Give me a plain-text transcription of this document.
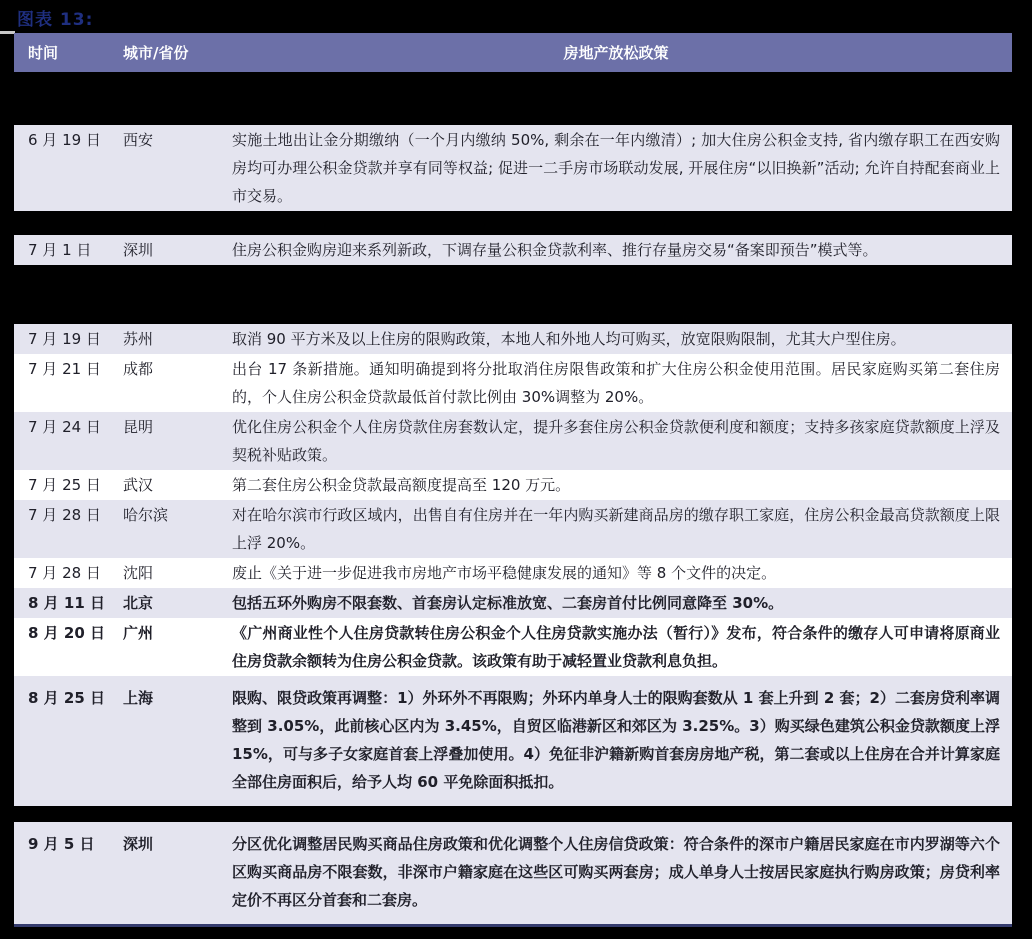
图表 13:
时间	城市/省份	房地产放松政策
6 月 19 日	西安	实施土地出让金分期缴纳（一个月内缴纳 50%, 剩余在一年内缴清）; 加大住房公积金支持, 省内缴存职工在西安购房均可办理公积金贷款并享有同等权益; 促进一二手房市场联动发展, 开展住房“以旧换新”活动; 允许自持配套商业上市交易。
7 月 1 日	深圳	住房公积金购房迎来系列新政，下调存量公积金贷款利率、推行存量房交易“备案即预告”模式等。
7 月 19 日	苏州	取消 90 平方米及以上住房的限购政策，本地人和外地人均可购买，放宽限购限制，尤其大户型住房。
7 月 21 日	成都	出台 17 条新措施。通知明确提到将分批取消住房限售政策和扩大住房公积金使用范围。居民家庭购买第二套住房的，个人住房公积金贷款最低首付款比例由 30%调整为 20%。
7 月 24 日	昆明	优化住房公积金个人住房贷款住房套数认定，提升多套住房公积金贷款便利度和额度；支持多孩家庭贷款额度上浮及契税补贴政策。
7 月 25 日	武汉	第二套住房公积金贷款最高额度提高至 120 万元。
7 月 28 日	哈尔滨	对在哈尔滨市行政区域内，出售自有住房并在一年内购买新建商品房的缴存职工家庭，住房公积金最高贷款额度上限上浮 20%。
7 月 28 日	沈阳	废止《关于进一步促进我市房地产市场平稳健康发展的通知》等 8 个文件的决定。
8 月 11 日	北京	包括五环外购房不限套数、首套房认定标准放宽、二套房首付比例同意降至 30%。
8 月 20 日	广州	《广州商业性个人住房贷款转住房公积金个人住房贷款实施办法（暂行）》发布，符合条件的缴存人可申请将原商业住房贷款余额转为住房公积金贷款。该政策有助于减轻置业贷款利息负担。
8 月 25 日	上海	限购、限贷政策再调整：1）外环外不再限购；外环内单身人士的限购套数从 1 套上升到 2 套；2）二套房贷利率调整到 3.05%，此前核心区内为 3.45%，自贸区临港新区和郊区为 3.25%。3）购买绿色建筑公积金贷款额度上浮 15%，可与多子女家庭首套上浮叠加使用。4）免征非沪籍新购首套房房地产税，第二套或以上住房在合并计算家庭全部住房面积后，给予人均 60 平免除面积抵扣。
9 月 5 日	深圳	分区优化调整居民购买商品住房政策和优化调整个人住房信贷政策：符合条件的深市户籍居民家庭在市内罗湖等六个区购买商品房不限套数，非深市户籍家庭在这些区可购买两套房；成人单身人士按居民家庭执行购房政策；房贷利率定价不再区分首套和二套房。
